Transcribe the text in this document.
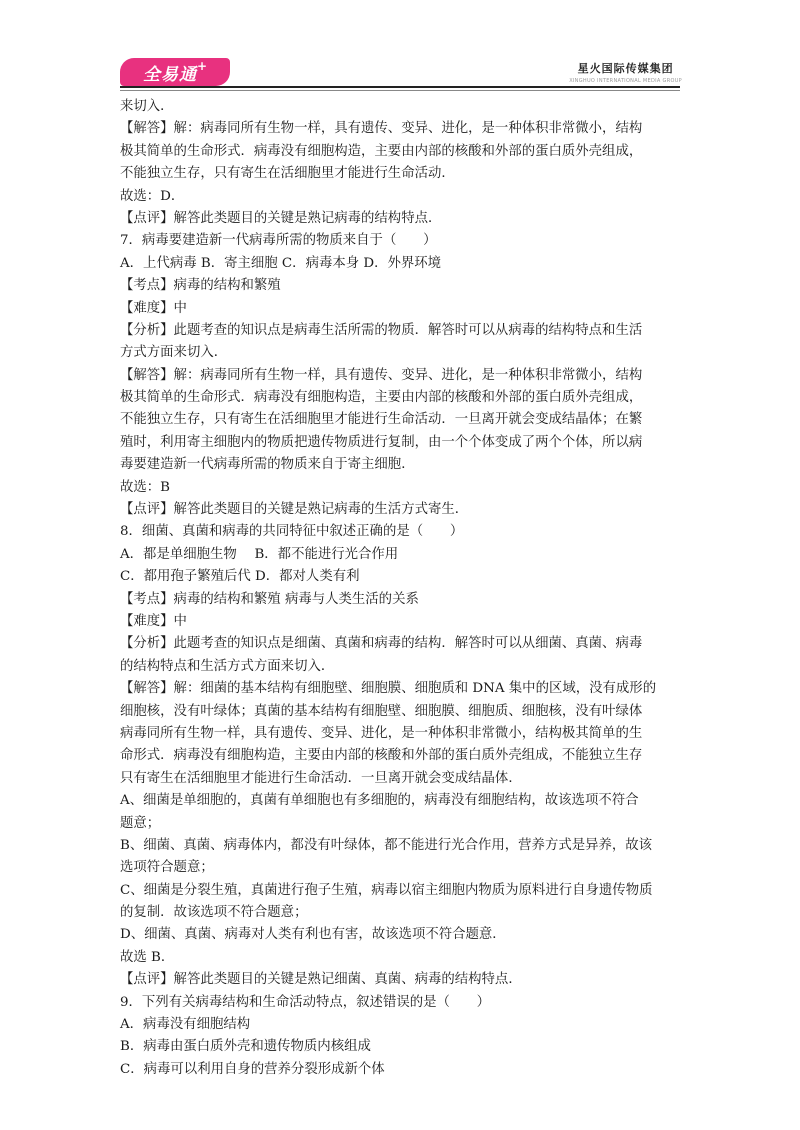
全易通 +	星火国际传媒集团
XINGHUO INTERNATIONAL MEDIA GROUP
来切入．
【解答】解：病毒同所有生物一样，具有遗传、变异、进化，是一种体积非常微小，结构
极其简单的生命形式．病毒没有细胞构造，主要由内部的核酸和外部的蛋白质外壳组成，
不能独立生存，只有寄生在活细胞里才能进行生命活动．
故选：D．
【点评】解答此类题目的关键是熟记病毒的结构特点．
7．病毒要建造新一代病毒所需的物质来自于（　　）
A．上代病毒 B．寄主细胞 C．病毒本身 D．外界环境
【考点】病毒的结构和繁殖
【难度】中
【分析】此题考查的知识点是病毒生活所需的物质．解答时可以从病毒的结构特点和生活
方式方面来切入．
【解答】解：病毒同所有生物一样，具有遗传、变异、进化，是一种体积非常微小，结构
极其简单的生命形式．病毒没有细胞构造，主要由内部的核酸和外部的蛋白质外壳组成，
不能独立生存，只有寄生在活细胞里才能进行生命活动．一旦离开就会变成结晶体；在繁
殖时，利用寄主细胞内的物质把遗传物质进行复制，由一个个体变成了两个个体，所以病
毒要建造新一代病毒所需的物质来自于寄主细胞．
故选：B
【点评】解答此类题目的关键是熟记病毒的生活方式寄生．
8．细菌、真菌和病毒的共同特征中叙述正确的是（　　）
A．都是单细胞生物　 B．都不能进行光合作用
C．都用孢子繁殖后代 D．都对人类有利
【考点】病毒的结构和繁殖 病毒与人类生活的关系
【难度】中
【分析】此题考查的知识点是细菌、真菌和病毒的结构．解答时可以从细菌、真菌、病毒
的结构特点和生活方式方面来切入．
【解答】解：细菌的基本结构有细胞壁、细胞膜、细胞质和 DNA 集中的区域，没有成形的
细胞核，没有叶绿体；真菌的基本结构有细胞壁、细胞膜、细胞质、细胞核，没有叶绿体
病毒同所有生物一样，具有遗传、变异、进化，是一种体积非常微小，结构极其简单的生
命形式．病毒没有细胞构造，主要由内部的核酸和外部的蛋白质外壳组成，不能独立生存
只有寄生在活细胞里才能进行生命活动．一旦离开就会变成结晶体．
A、细菌是单细胞的，真菌有单细胞也有多细胞的，病毒没有细胞结构，故该选项不符合
题意；
B、细菌、真菌、病毒体内，都没有叶绿体，都不能进行光合作用，营养方式是异养，故该
选项符合题意；
C、细菌是分裂生殖，真菌进行孢子生殖，病毒以宿主细胞内物质为原料进行自身遗传物质
的复制．故该选项不符合题意；
D、细菌、真菌、病毒对人类有利也有害，故该选项不符合题意．
故选 B．
【点评】解答此类题目的关键是熟记细菌、真菌、病毒的结构特点．
9．下列有关病毒结构和生命活动特点，叙述错误的是（　　）
A．病毒没有细胞结构
B．病毒由蛋白质外壳和遗传物质内核组成
C．病毒可以利用自身的营养分裂形成新个体
